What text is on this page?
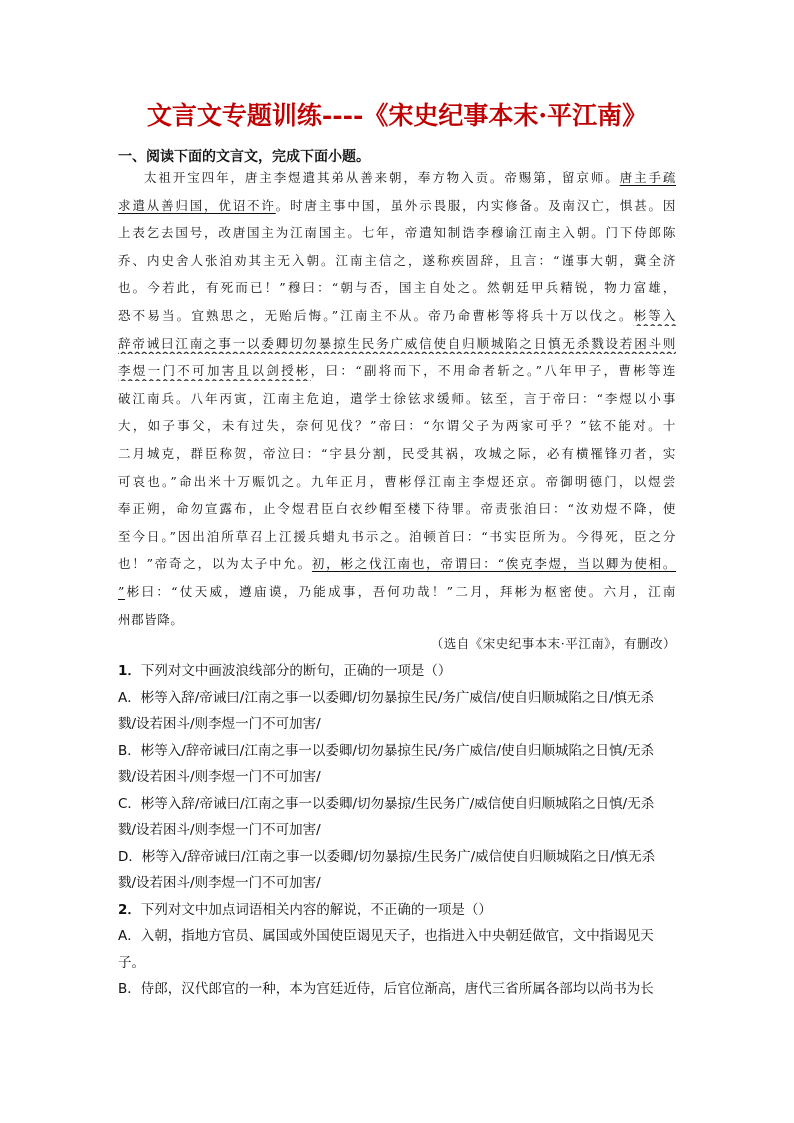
文言文专题训练----《宋史纪事本末·平江南》
一、阅读下面的文言文，完成下面小题。
太祖开宝四年，唐主李煜遣其弟从善来朝，奉方物入贡。帝赐第，留京师。唐主手疏
求遣从善归国，优诏不许。时唐主事中国，虽外示畏服，内实修备。及南汉亡，惧甚。因
上表乞去国号，改唐国主为江南国主。七年，帝遣知制诰李穆谕江南主入朝。门下侍郎陈
乔、内史舍人张洎劝其主无入朝。江南主信之，遂称疾固辞，且言：“谨事大朝，冀全济
也。今若此，有死而已！”穆曰：“朝与否，国主自处之。然朝廷甲兵精锐，物力富雄，
恐不易当。宜熟思之，无贻后悔。”江南主不从。帝乃命曹彬等将兵十万以伐之。彬等入
辞帝诫曰江南之事一以委卿切勿暴掠生民务广威信使自归顺城陷之日慎无杀戮设若困斗则
李煜一门不可加害且以剑授彬，曰：“副将而下，不用命者斩之。”八年甲子，曹彬等连
破江南兵。八年丙寅，江南主危迫，遣学士徐铉求缓师。铉至，言于帝曰：“李煜以小事
大，如子事父，未有过失，奈何见伐？”帝曰：“尔谓父子为两家可乎？”铉不能对。十
二月城克，群臣称贺，帝泣曰：“宇县分割，民受其祸，攻城之际，必有横罹锋刃者，实
可哀也。”命出米十万赈饥之。九年正月，曹彬俘江南主李煜还京。帝御明德门，以煜尝
奉正朔，命勿宣露布，止令煜君臣白衣纱帽至楼下待罪。帝责张洎曰：“汝劝煜不降，使
至今日。”因出洎所草召上江援兵蜡丸书示之。洎顿首曰：“书实臣所为。今得死，臣之分
也！”帝奇之，以为太子中允。初，彬之伐江南也，帝谓曰：“俟克李煜，当以卿为使相。
”彬曰：“仗天威，遵庙谟，乃能成事，吾何功哉！”二月，拜彬为枢密使。六月，江南
州郡皆降。
（选自《宋史纪事本末·平江南》，有删改）
1．下列对文中画波浪线部分的断句，正确的一项是（）
A．彬等入辞/帝诫曰/江南之事一以委卿/切勿暴掠生民/务广威信/使自归顺城陷之日/慎无杀
戮/设若困斗/则李煜一门不可加害/
B．彬等入/辞帝诫曰/江南之事一以委卿/切勿暴掠生民/务广威信/使自归顺城陷之日慎/无杀
戮/设若困斗/则李煜一门不可加害/
C．彬等入辞/帝诫曰/江南之事一以委卿/切勿暴掠/生民务广/威信使自归顺城陷之日慎/无杀
戮/设若困斗/则李煜一门不可加害/
D．彬等入/辞帝诫曰/江南之事一以委卿/切勿暴掠/生民务广/威信使自归顺城陷之日/慎无杀
戮/设若困斗/则李煜一门不可加害/
2．下列对文中加点词语相关内容的解说，不正确的一项是（）
A．入朝，指地方官员、属国或外国使臣谒见天子，也指进入中央朝廷做官，文中指谒见天
子。
B．侍郎，汉代郎官的一种，本为宫廷近侍，后官位渐高，唐代三省所属各部均以尚书为长
